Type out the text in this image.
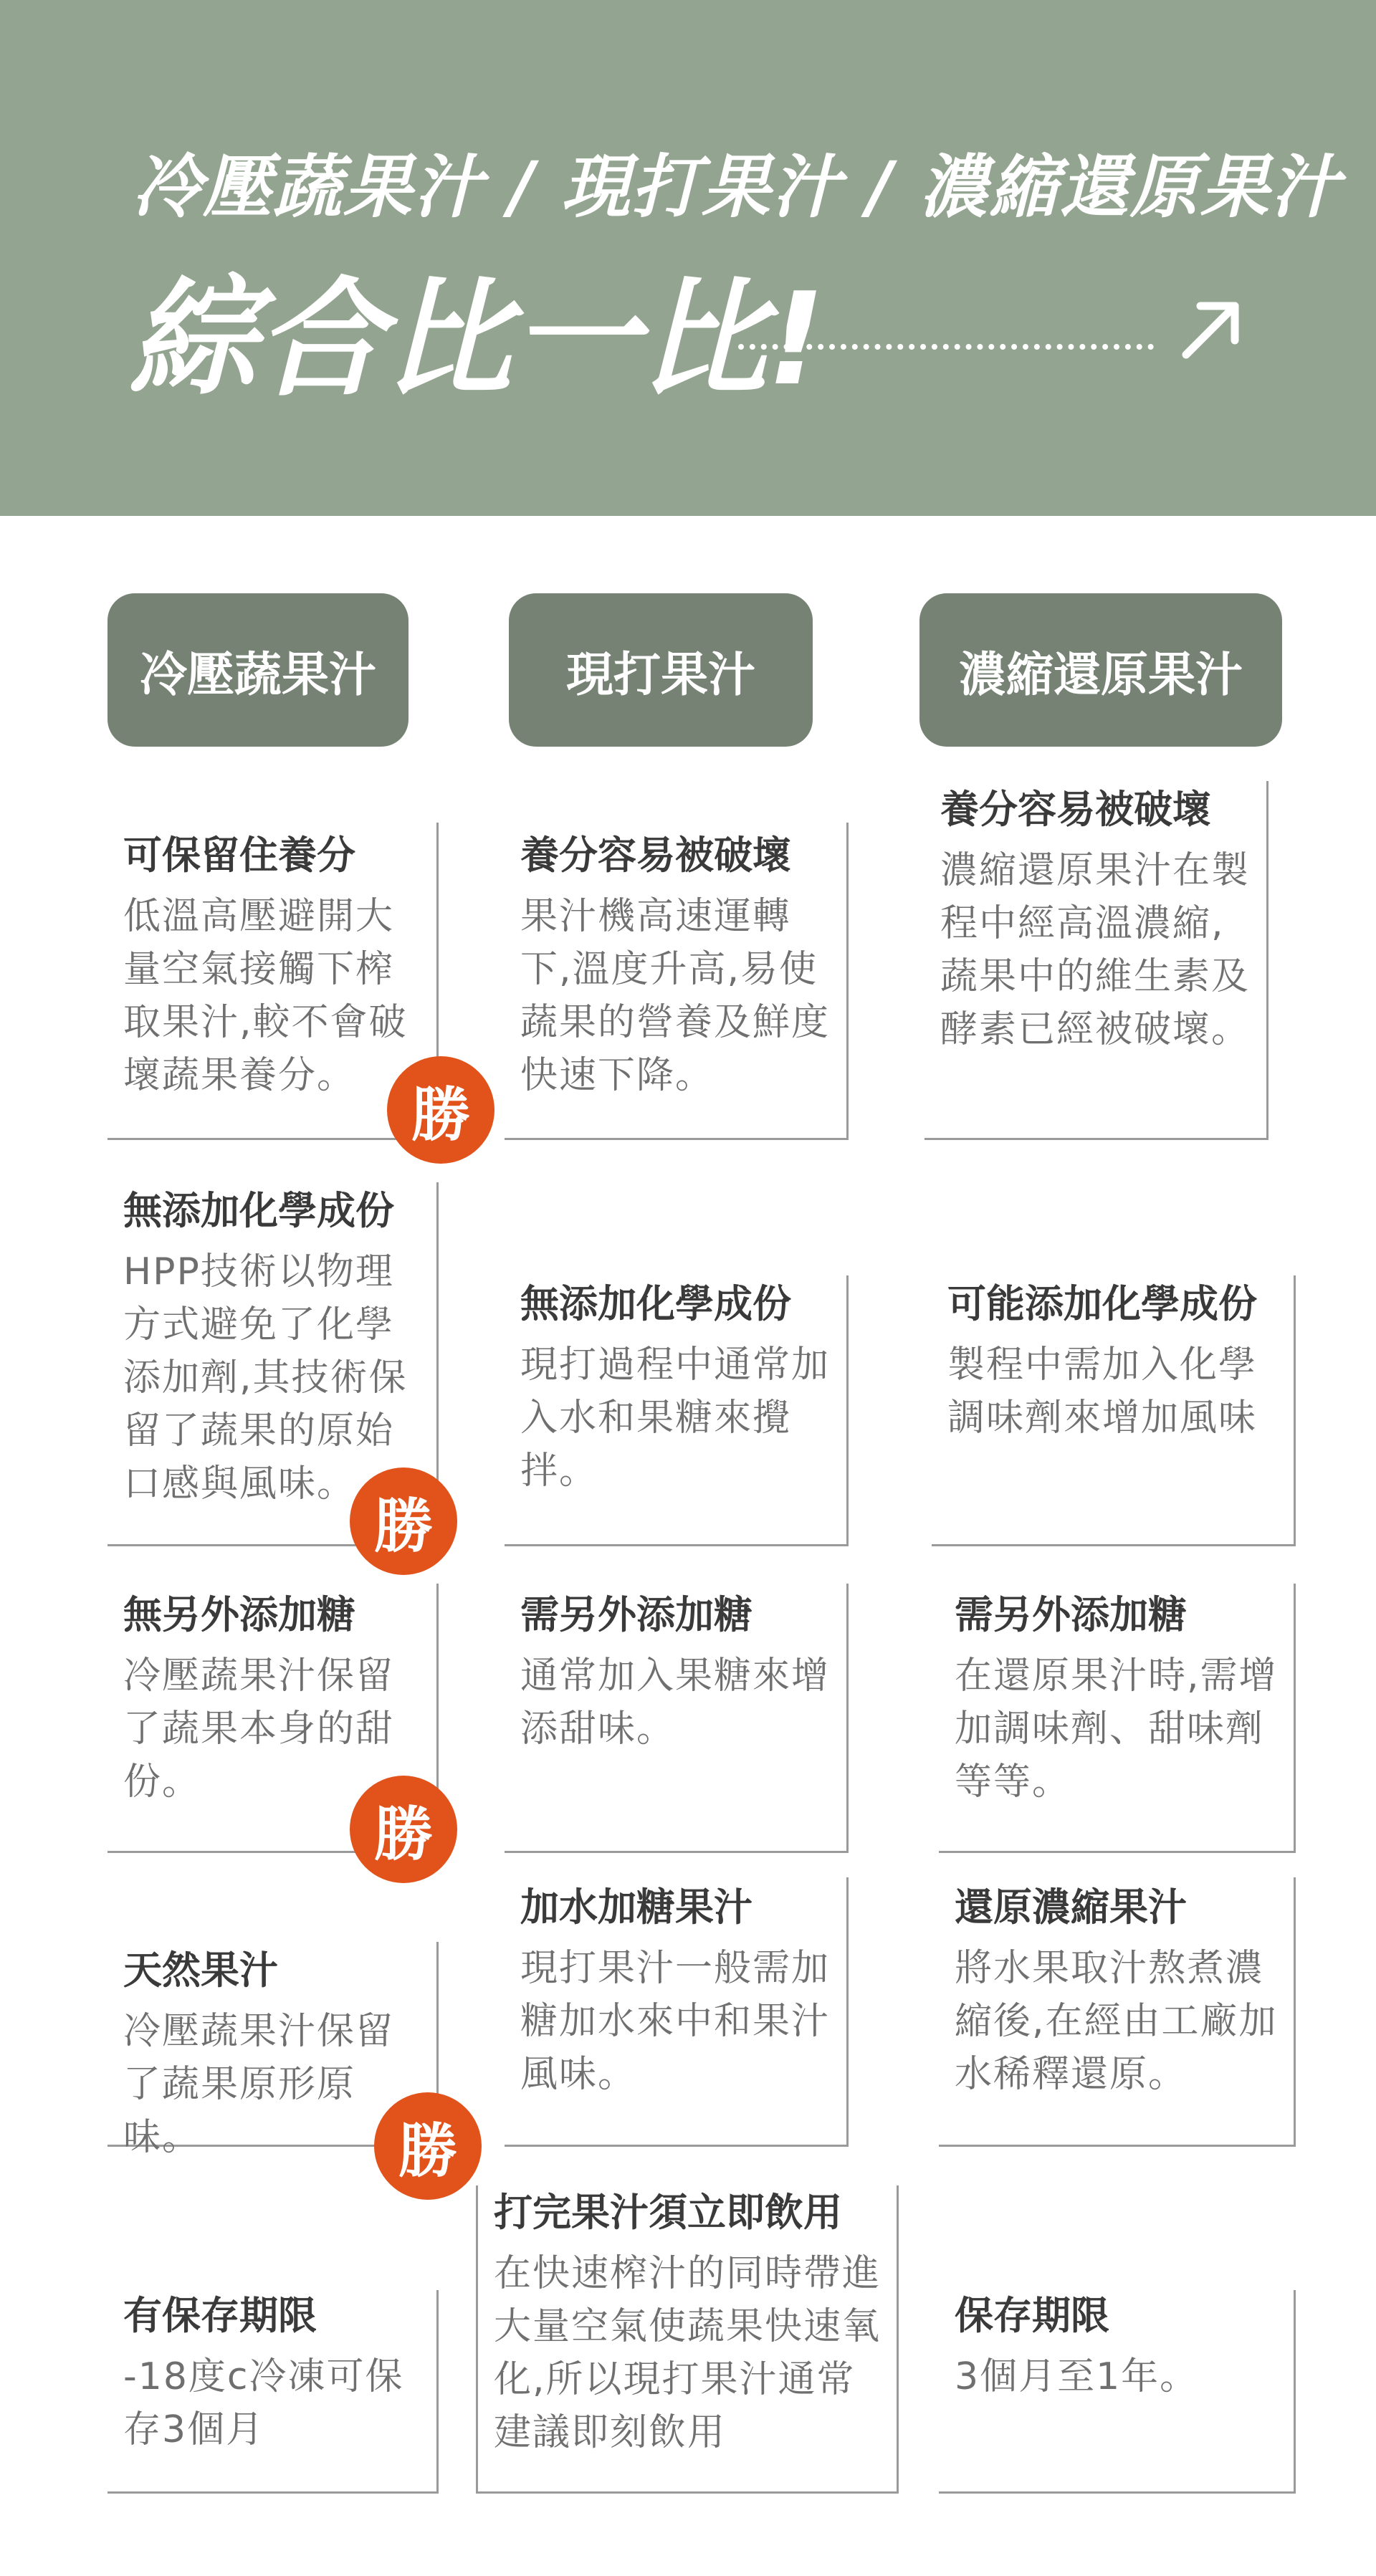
冷壓蔬果汁 / 現打果汁 / 濃縮還原果汁
綜合比一比!
冷壓蔬果汁	現打果汁	濃縮還原果汁
可保留住養分
低溫高壓避開大量空氣接觸下榨取果汁,較不會破壞蔬果養分。
養分容易被破壞
果汁機高速運轉下,溫度升高,易使蔬果的營養及鮮度快速下降。
養分容易被破壞
濃縮還原果汁在製程中經高溫濃縮,蔬果中的維生素及酵素已經被破壞。
無添加化學成份
HPP技術以物理方式避免了化學添加劑,其技術保留了蔬果的原始口感與風味。
無添加化學成份
現打過程中通常加入水和果糖來攪拌。
可能添加化學成份
製程中需加入化學調味劑來增加風味
無另外添加糖
冷壓蔬果汁保留了蔬果本身的甜份。
需另外添加糖
通常加入果糖來增添甜味。
需另外添加糖
在還原果汁時,需增加調味劑、甜味劑等等。
天然果汁
冷壓蔬果汁保留了蔬果原形原味。
加水加糖果汁
現打果汁一般需加糖加水來中和果汁風味。
還原濃縮果汁
將水果取汁熬煮濃縮後,在經由工廠加水稀釋還原。
有保存期限
-18度c冷凍可保存3個月
打完果汁須立即飲用
在快速榨汁的同時帶進大量空氣使蔬果快速氧化,所以現打果汁通常建議即刻飲用
保存期限
3個月至1年。
勝
勝
勝
勝
